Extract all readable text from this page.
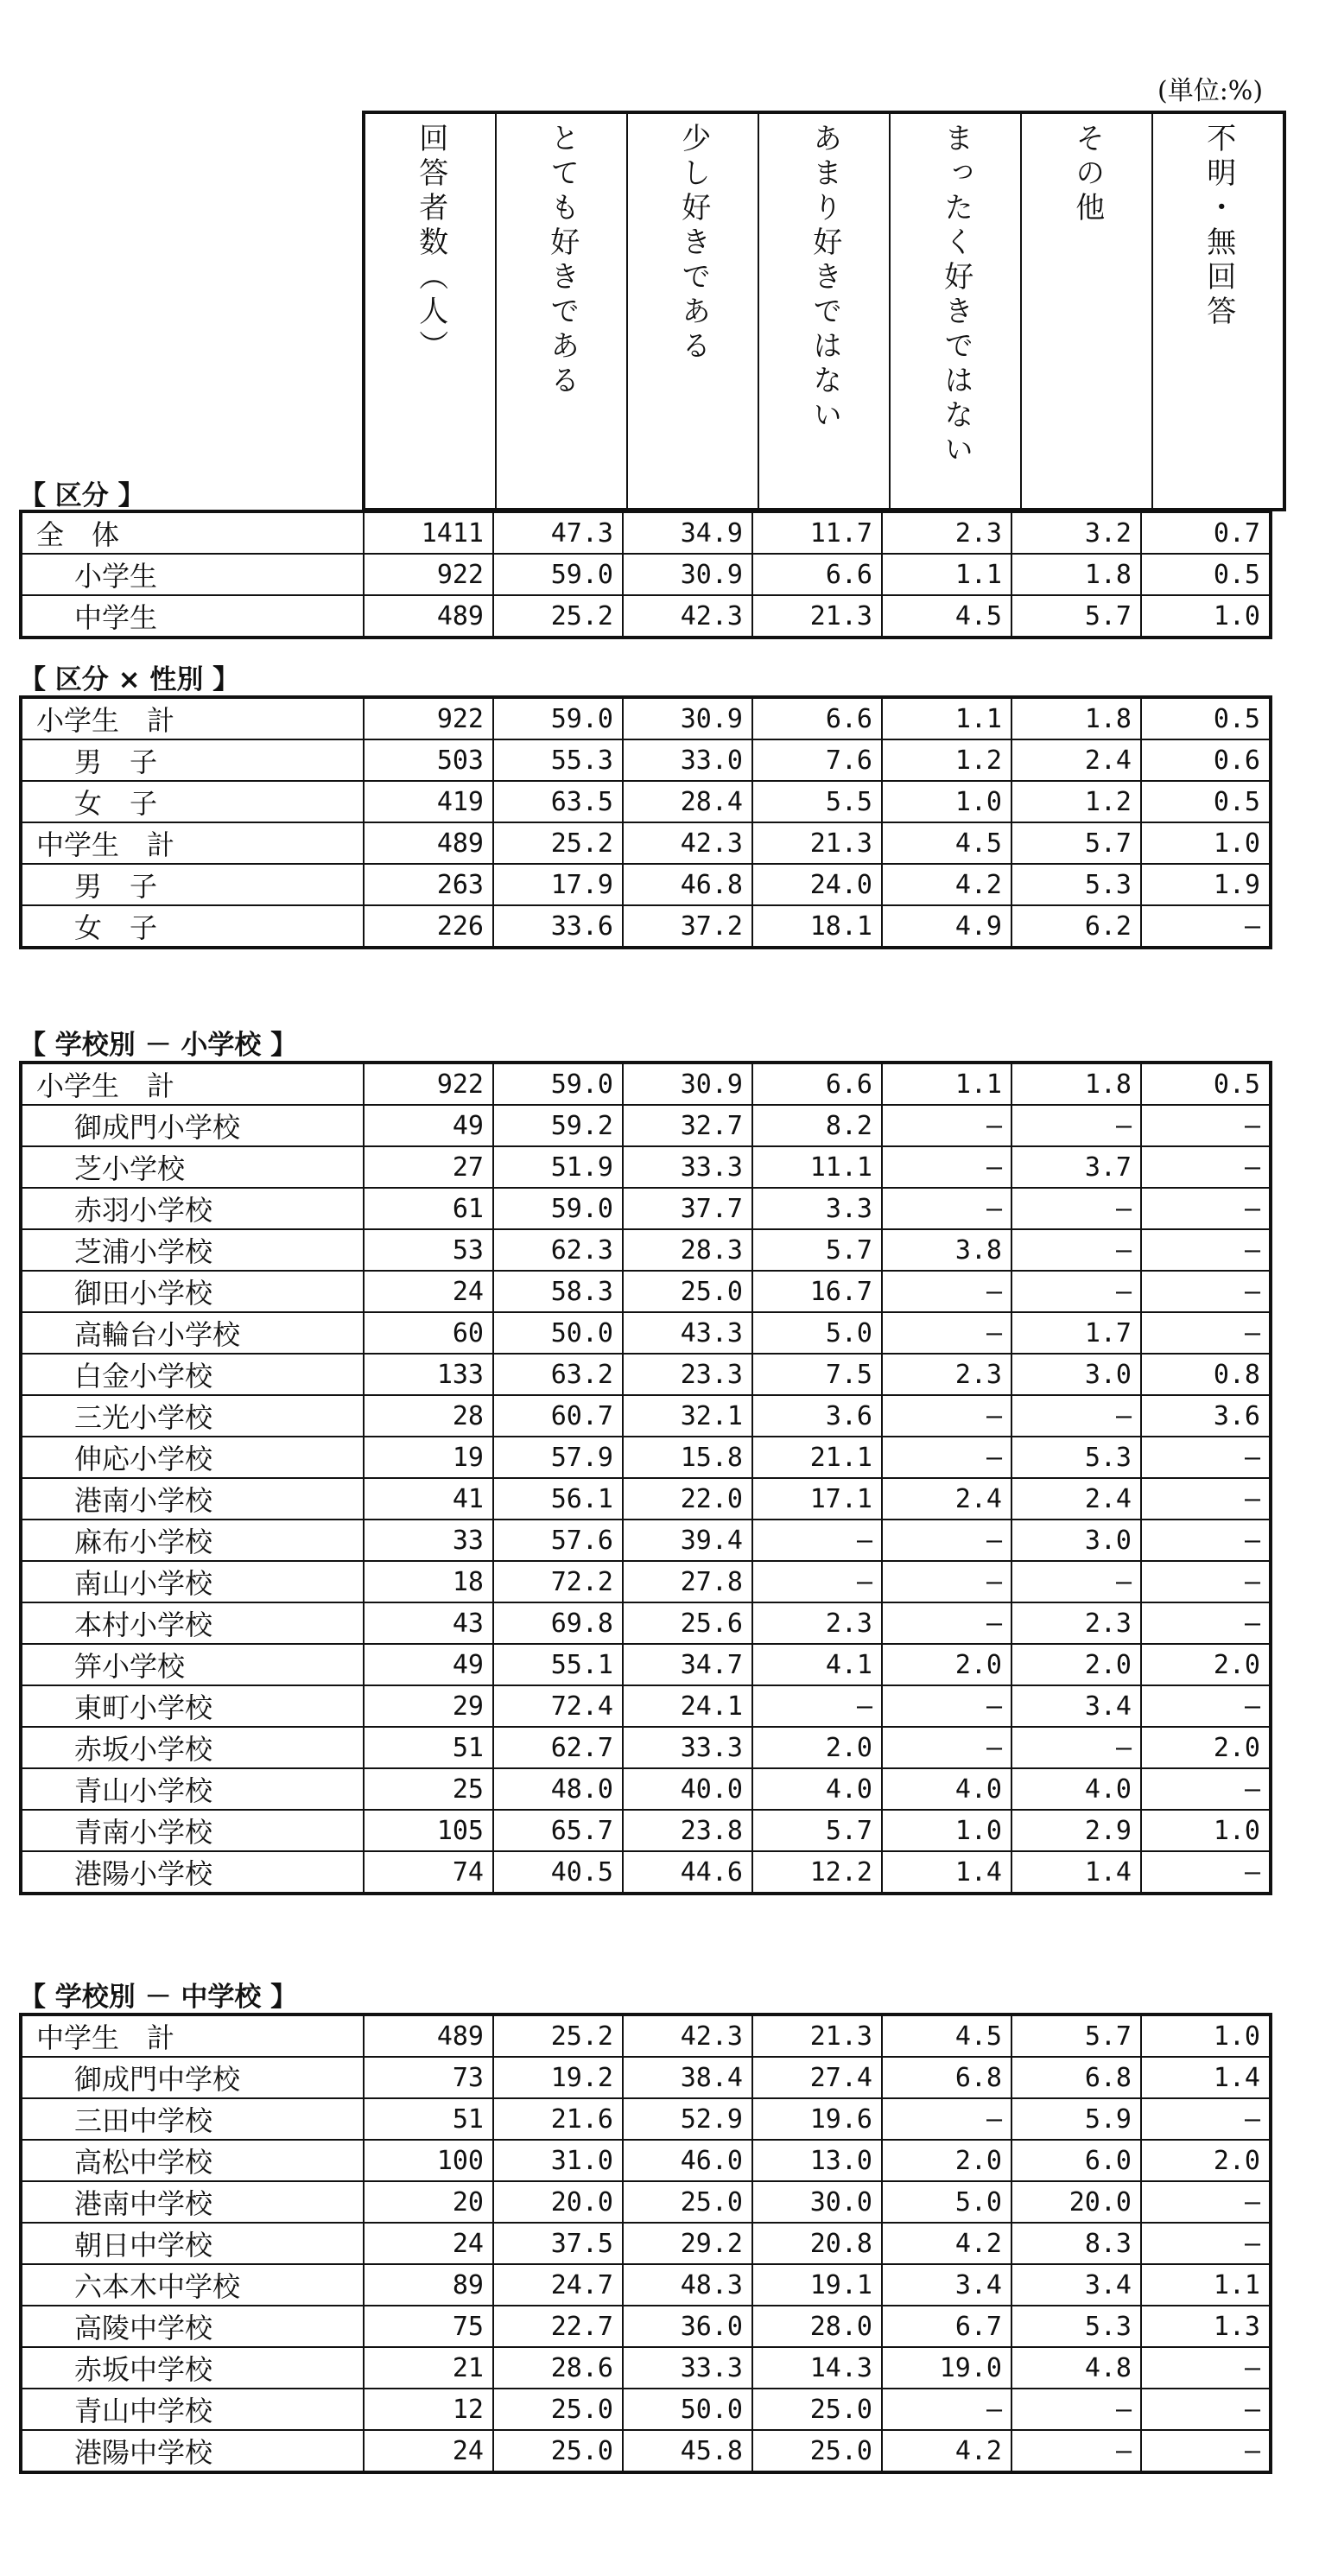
(単位:%)
回答者数（人）	とても好きである	少し好きである	あまり好きではない	まったく好きではない	その他	不明・無回答
【 区分 】
全　体	1411	47.3	34.9	11.7	2.3	3.2	0.7
小学生	922	59.0	30.9	6.6	1.1	1.8	0.5
中学生	489	25.2	42.3	21.3	4.5	5.7	1.0
【 区分 × 性別 】
小学生　計	922	59.0	30.9	6.6	1.1	1.8	0.5
男　子	503	55.3	33.0	7.6	1.2	2.4	0.6
女　子	419	63.5	28.4	5.5	1.0	1.2	0.5
中学生　計	489	25.2	42.3	21.3	4.5	5.7	1.0
男　子	263	17.9	46.8	24.0	4.2	5.3	1.9
女　子	226	33.6	37.2	18.1	4.9	6.2	–
【 学校別 － 小学校 】
小学生　計	922	59.0	30.9	6.6	1.1	1.8	0.5
御成門小学校	49	59.2	32.7	8.2	–	–	–
芝小学校	27	51.9	33.3	11.1	–	3.7	–
赤羽小学校	61	59.0	37.7	3.3	–	–	–
芝浦小学校	53	62.3	28.3	5.7	3.8	–	–
御田小学校	24	58.3	25.0	16.7	–	–	–
高輪台小学校	60	50.0	43.3	5.0	–	1.7	–
白金小学校	133	63.2	23.3	7.5	2.3	3.0	0.8
三光小学校	28	60.7	32.1	3.6	–	–	3.6
伸応小学校	19	57.9	15.8	21.1	–	5.3	–
港南小学校	41	56.1	22.0	17.1	2.4	2.4	–
麻布小学校	33	57.6	39.4	–	–	3.0	–
南山小学校	18	72.2	27.8	–	–	–	–
本村小学校	43	69.8	25.6	2.3	–	2.3	–
笄小学校	49	55.1	34.7	4.1	2.0	2.0	2.0
東町小学校	29	72.4	24.1	–	–	3.4	–
赤坂小学校	51	62.7	33.3	2.0	–	–	2.0
青山小学校	25	48.0	40.0	4.0	4.0	4.0	–
青南小学校	105	65.7	23.8	5.7	1.0	2.9	1.0
港陽小学校	74	40.5	44.6	12.2	1.4	1.4	–
【 学校別 － 中学校 】
中学生　計	489	25.2	42.3	21.3	4.5	5.7	1.0
御成門中学校	73	19.2	38.4	27.4	6.8	6.8	1.4
三田中学校	51	21.6	52.9	19.6	–	5.9	–
高松中学校	100	31.0	46.0	13.0	2.0	6.0	2.0
港南中学校	20	20.0	25.0	30.0	5.0	20.0	–
朝日中学校	24	37.5	29.2	20.8	4.2	8.3	–
六本木中学校	89	24.7	48.3	19.1	3.4	3.4	1.1
高陵中学校	75	22.7	36.0	28.0	6.7	5.3	1.3
赤坂中学校	21	28.6	33.3	14.3	19.0	4.8	–
青山中学校	12	25.0	50.0	25.0	–	–	–
港陽中学校	24	25.0	45.8	25.0	4.2	–	–
